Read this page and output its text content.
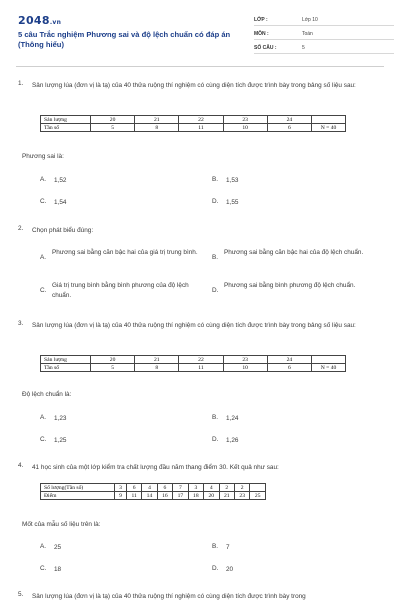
2048.vn
5 câu Trắc nghiệm Phương sai và độ lệch chuẩn có đáp án (Thông hiểu)
LỚP :	Lớp 10
MÔN :	Toán
SỐ CÂU :	5
1. Sản lượng lúa (đơn vị là tạ) của 40 thửa ruộng thí nghiệm có cùng diện tích được trình bày trong bảng số liệu sau:
Sản lượng	20	21	22	23	24	
Tần số	5	8	11	10	6	N = 40
Phương sai là:
A. 1,52	B. 1,53
C. 1,54	D. 1,55
2. Chọn phát biểu đúng:
A.
Phương sai bằng căn bậc hai của giá trị trung bình.
B.
Phương sai bằng căn bậc hai của độ lệch chuẩn.
C.
Giá trị trung bình bằng bình phương của độ lệch chuẩn.
D.
Phương sai bằng bình phương độ lệch chuẩn.
3. Sản lượng lúa (đơn vị là tạ) của 40 thửa ruộng thí nghiệm có cùng diện tích được trình bày trong bảng số liệu sau:
Sản lượng	20	21	22	23	24	
Tần số	5	8	11	10	6	N = 40
Độ lệch chuẩn là:
A. 1,23	B. 1,24
C. 1,25	D. 1,26
4. 41 học sinh của một lớp kiểm tra chất lượng đầu năm thang điểm 30. Kết quả như sau:
Số lượng(Tần số)	3	6	4	6	7	3	4	2	2	
Điểm	9	11	14	16	17	18	20	21	23	25
Mốt của mẫu số liệu trên là:
A. 25	B. 7
C. 18	D. 20
5. Sản lượng lúa (đơn vị là tạ) của 40 thửa ruộng thí nghiệm có cùng diện tích được trình bày trong
